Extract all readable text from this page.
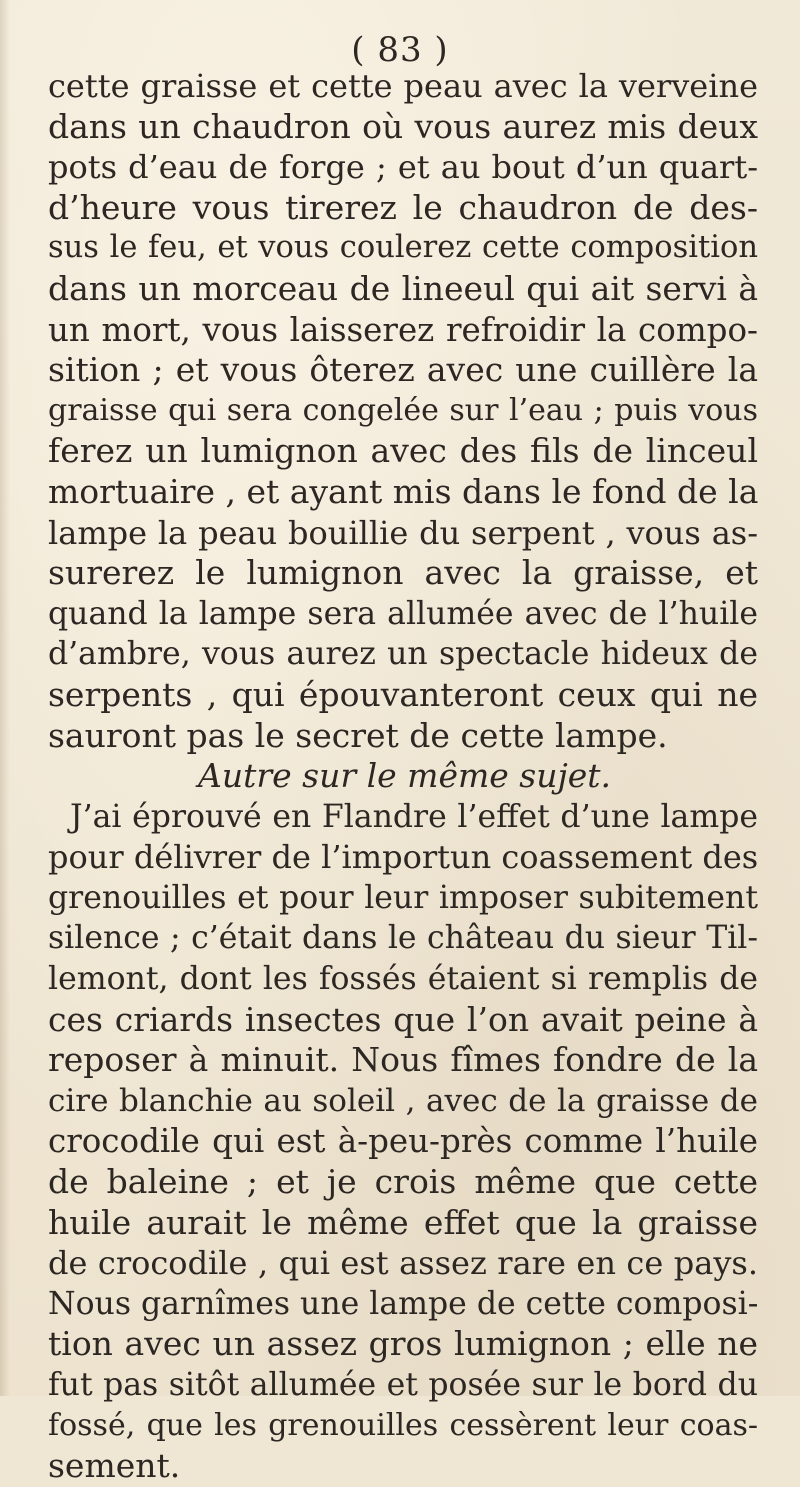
( 83 )
cette graisse et cette peau avec la verveine
dans un chaudron où vous aurez mis deux
pots d’eau de forge ; et au bout d’un quart-
d’heure vous tirerez le chaudron de des-
sus le feu, et vous coulerez cette composition
dans un morceau de lineeul qui ait servi à
un mort, vous laisserez refroidir la compo-
sition ; et vous ôterez avec une cuillère la
graisse qui sera congelée sur l’eau ; puis vous
ferez un lumignon avec des fils de linceul
mortuaire , et ayant mis dans le fond de la
lampe la peau bouillie du serpent , vous as-
surerez le lumignon avec la graisse, et
quand la lampe sera allumée avec de l’huile
d’ambre, vous aurez un spectacle hideux de
serpents , qui épouvanteront ceux qui ne
sauront pas le secret de cette lampe.
Autre sur le même sujet.
J’ai éprouvé en Flandre l’effet d’une lampe
pour délivrer de l’importun coassement des
grenouilles et pour leur imposer subitement
silence ; c’était dans le château du sieur Til-
lemont, dont les fossés étaient si remplis de
ces criards insectes que l’on avait peine à
reposer à minuit. Nous fîmes fondre de la
cire blanchie au soleil , avec de la graisse de
crocodile qui est à-peu-près comme l’huile
de baleine ; et je crois même que cette
huile aurait le même effet que la graisse
de crocodile , qui est assez rare en ce pays.
Nous garnîmes une lampe de cette composi-
tion avec un assez gros lumignon ; elle ne
fut pas sitôt allumée et posée sur le bord du
fossé, que les grenouilles cessèrent leur coas-
sement.
